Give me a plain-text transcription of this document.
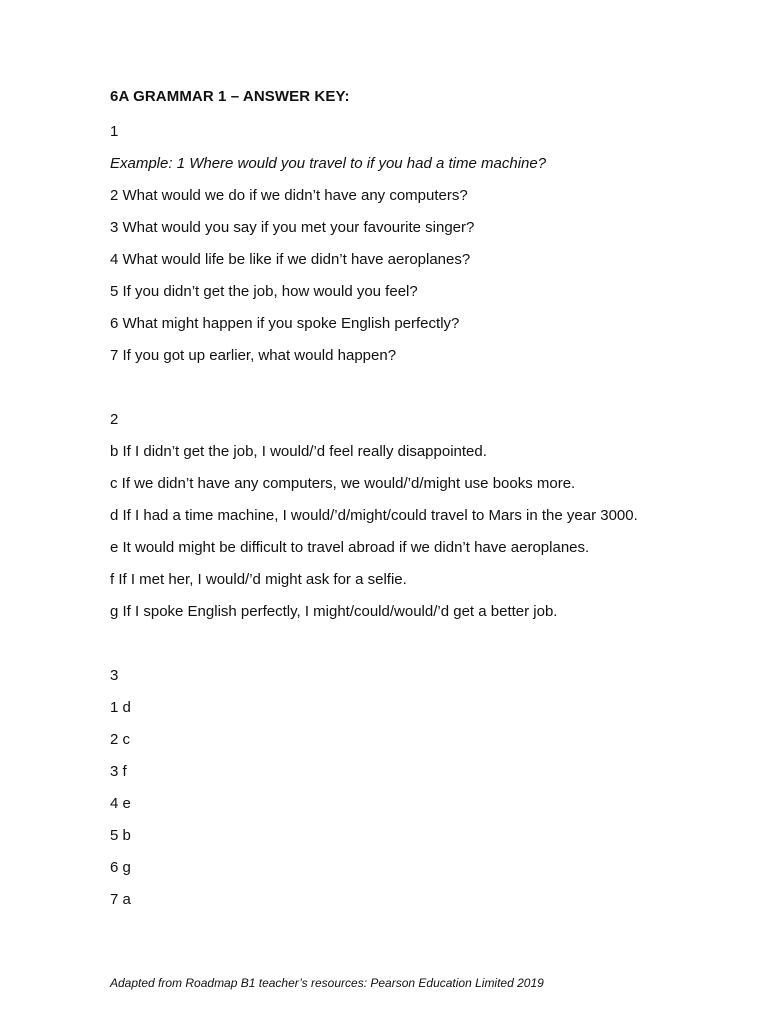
6A GRAMMAR 1 – ANSWER KEY:

1

Example: 1 Where would you travel to if you had a time machine?

2 What would we do if we didn’t have any computers?

3 What would you say if you met your favourite singer?

4 What would life be like if we didn’t have aeroplanes?

5 If you didn’t get the job, how would you feel?

6 What might happen if you spoke English perfectly?

7 If you got up earlier, what would happen?

2

b If I didn’t get the job, I would/’d feel really disappointed.

c If we didn’t have any computers, we would/’d/might use books more.

d If I had a time machine, I would/’d/might/could travel to Mars in the year 3000.

e It would might be difficult to travel abroad if we didn’t have aeroplanes.

f If I met her, I would/’d might ask for a selfie.

g If I spoke English perfectly, I might/could/would/’d get a better job.

3

1 d

2 c

3 f

4 e

5 b

6 g

7 a

Adapted from Roadmap B1 teacher’s resources: Pearson Education Limited 2019
